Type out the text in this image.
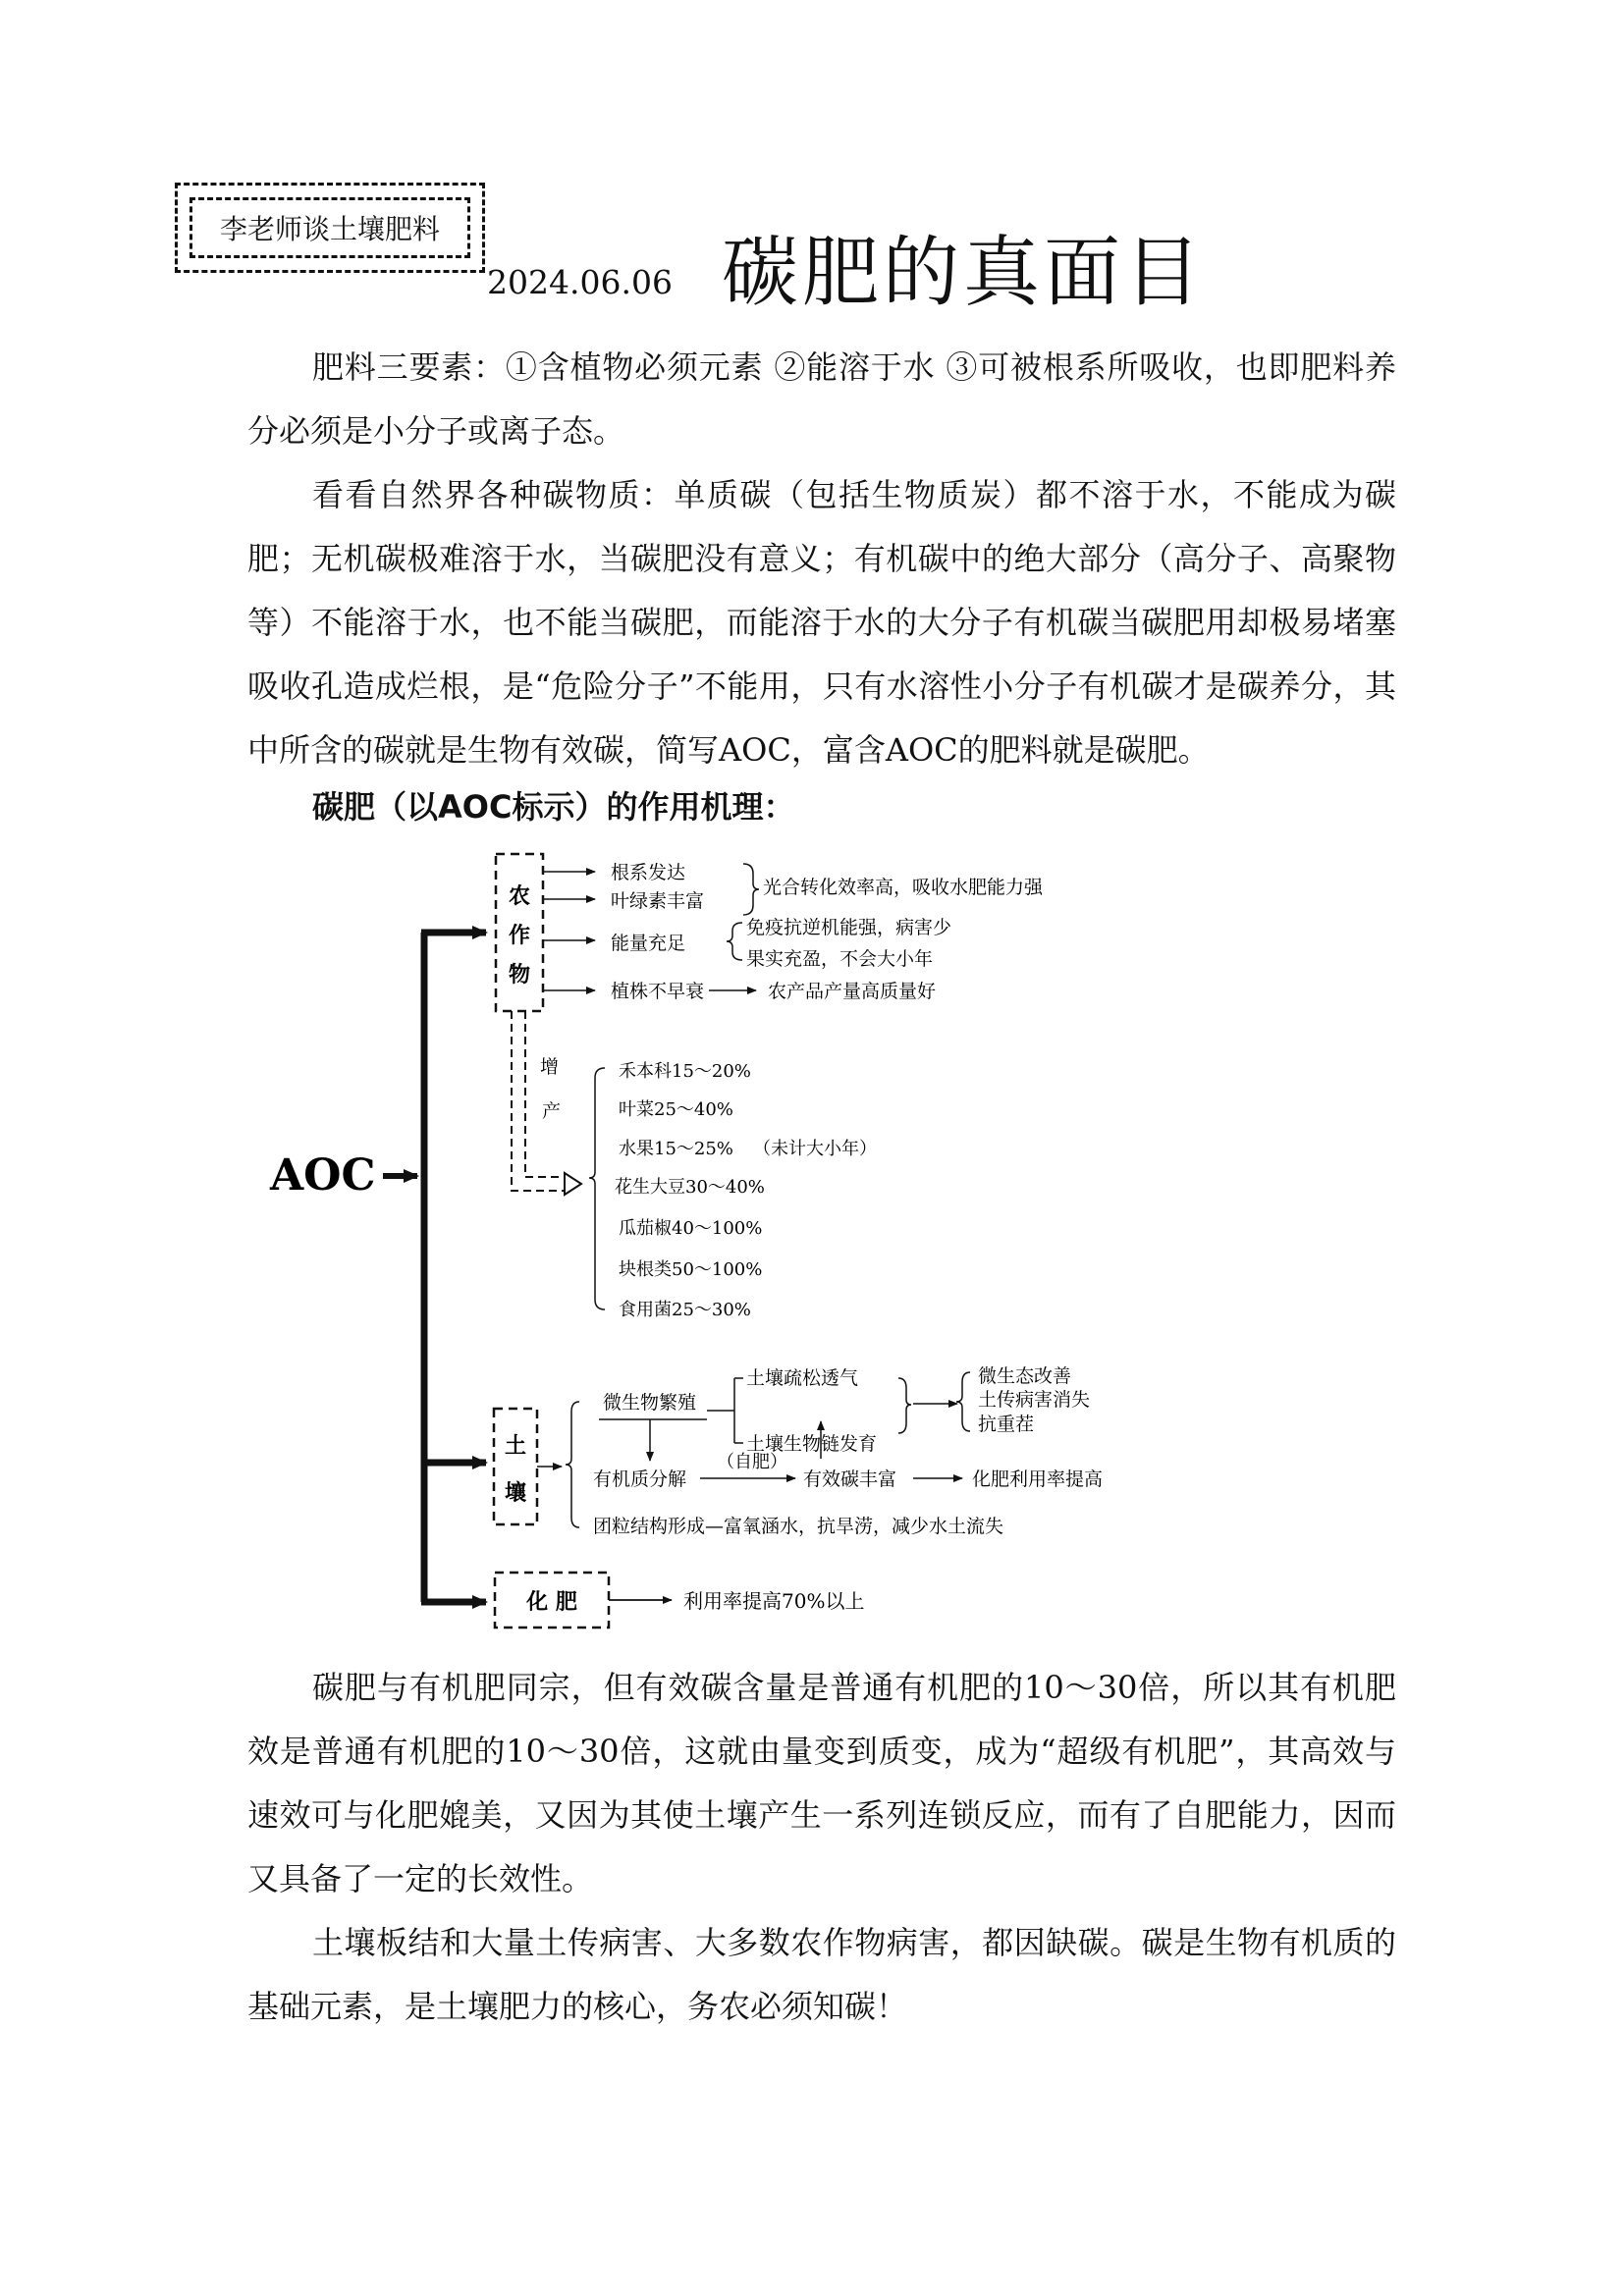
李老师谈土壤肥料
2024.06.06 碳肥的真面目

肥料三要素：①含植物必须元素 ②能溶于水 ③可被根系所吸收，也即肥料养分必须是小分子或离子态。

看看自然界各种碳物质：单质碳（包括生物质炭）都不溶于水，不能成为碳肥；无机碳极难溶于水，当碳肥没有意义；有机碳中的绝大部分（高分子、高聚物等）不能溶于水，也不能当碳肥，而能溶于水的大分子有机碳当碳肥用却极易堵塞吸收孔造成烂根，是“危险分子”不能用，只有水溶性小分子有机碳才是碳养分，其中所含的碳就是生物有效碳，简写AOC，富含AOC的肥料就是碳肥。

碳肥（以AOC标示）的作用机理：
AOC
农
作
物
根系发达
叶绿素丰富
光合转化效率高，吸收水肥能力强
能量充足
免疫抗逆机能强，病害少
果实充盈，不会大小年
植株不早衰	农产品产量高质量好
增
产
禾本科15～20%
叶菜25～40%
水果15～25% （未计大小年）
花生大豆30～40%
瓜茄椒40～100%
块根类50～100%
食用菌25～30%
土
壤
微生物繁殖
土壤疏松透气
土壤生物链发育
微生态改善
土传病害消失
抗重茬
有机质分解
（自肥）
有效碳丰富	化肥利用率提高
团粒结构形成—富氧涵水，抗旱涝，减少水土流失
化 肥	利用率提高70%以上

碳肥与有机肥同宗，但有效碳含量是普通有机肥的10～30倍，所以其有机肥效是普通有机肥的10～30倍，这就由量变到质变，成为“超级有机肥”，其高效与速效可与化肥媲美，又因为其使土壤产生一系列连锁反应，而有了自肥能力，因而又具备了一定的长效性。

土壤板结和大量土传病害、大多数农作物病害，都因缺碳。碳是生物有机质的基础元素，是土壤肥力的核心，务农必须知碳！
